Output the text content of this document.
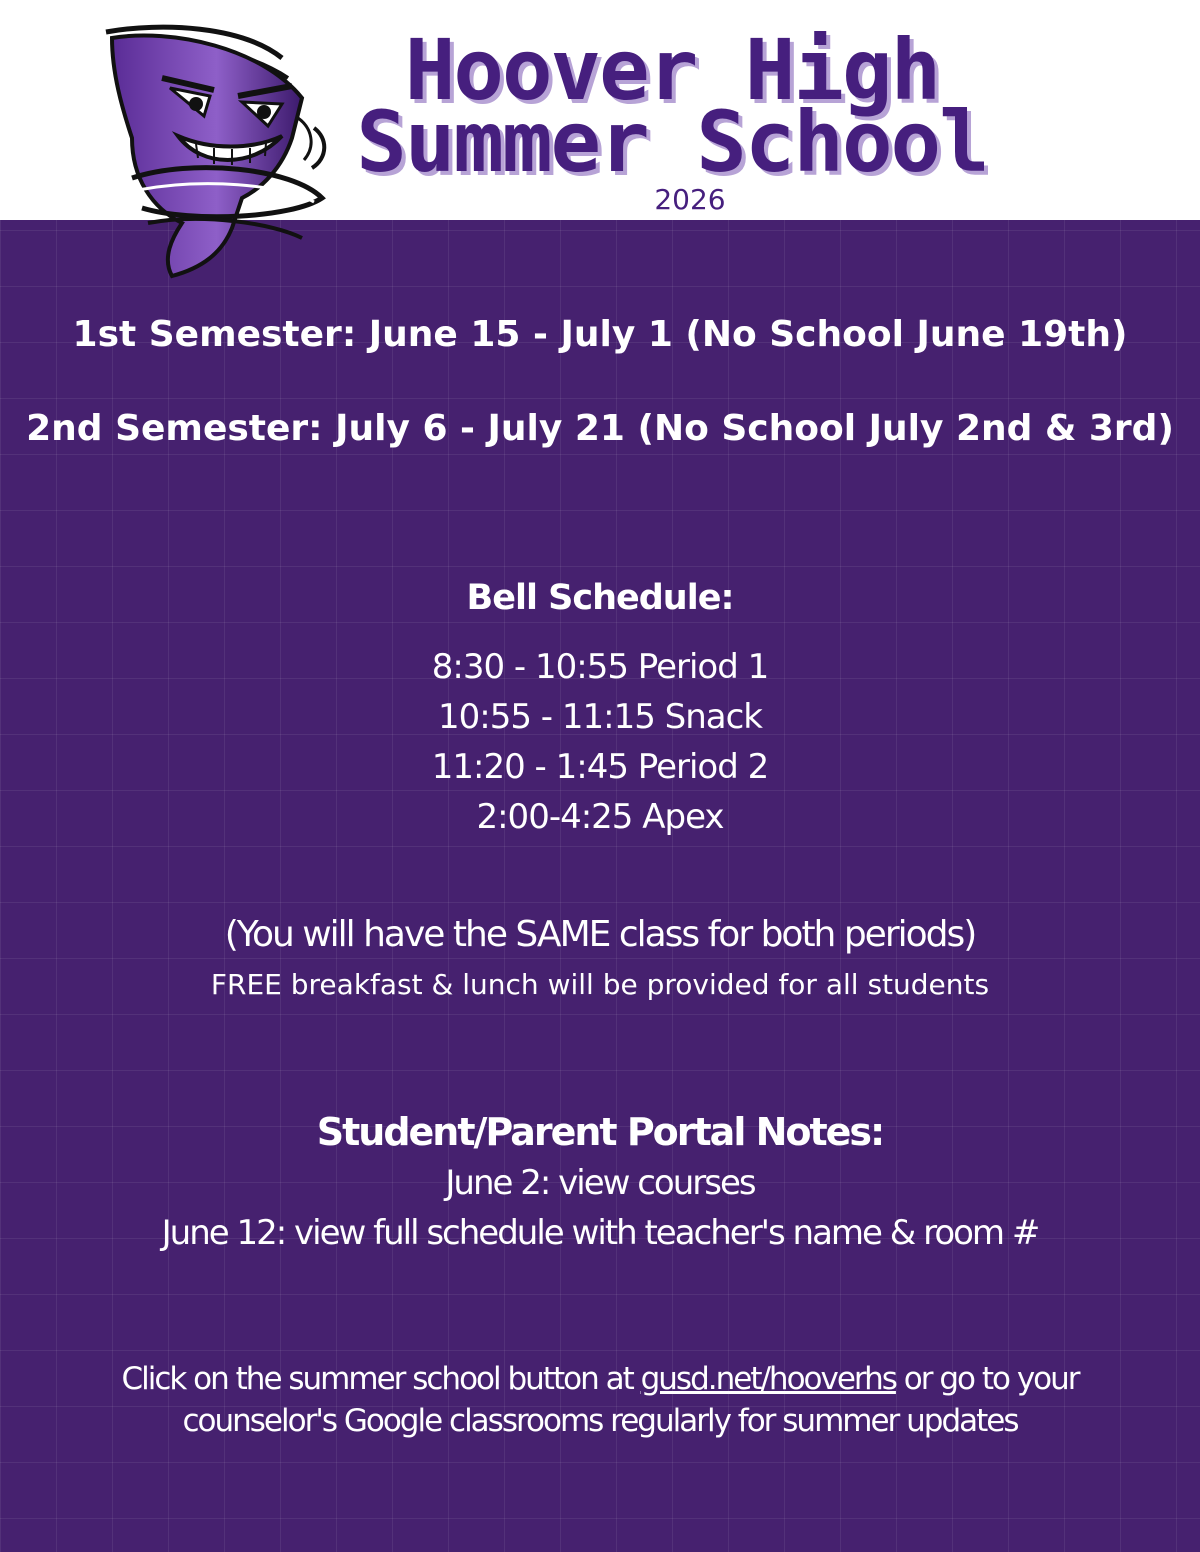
Hoover High
Summer School
2026
1st Semester: June 15 - July 1 (No School June 19th)
2nd Semester: July 6 - July 21 (No School July 2nd & 3rd)
Bell Schedule:
8:30 - 10:55 Period 1
10:55 - 11:15 Snack
11:20 - 1:45 Period 2
2:00-4:25 Apex
(You will have the SAME class for both periods)
FREE breakfast & lunch will be provided for all students
Student/Parent Portal Notes:
June 2: view courses
June 12: view full schedule with teacher's name & room #
Click on the summer school button at gusd.net/hooverhs or go to your
counselor's Google classrooms regularly for summer updates
